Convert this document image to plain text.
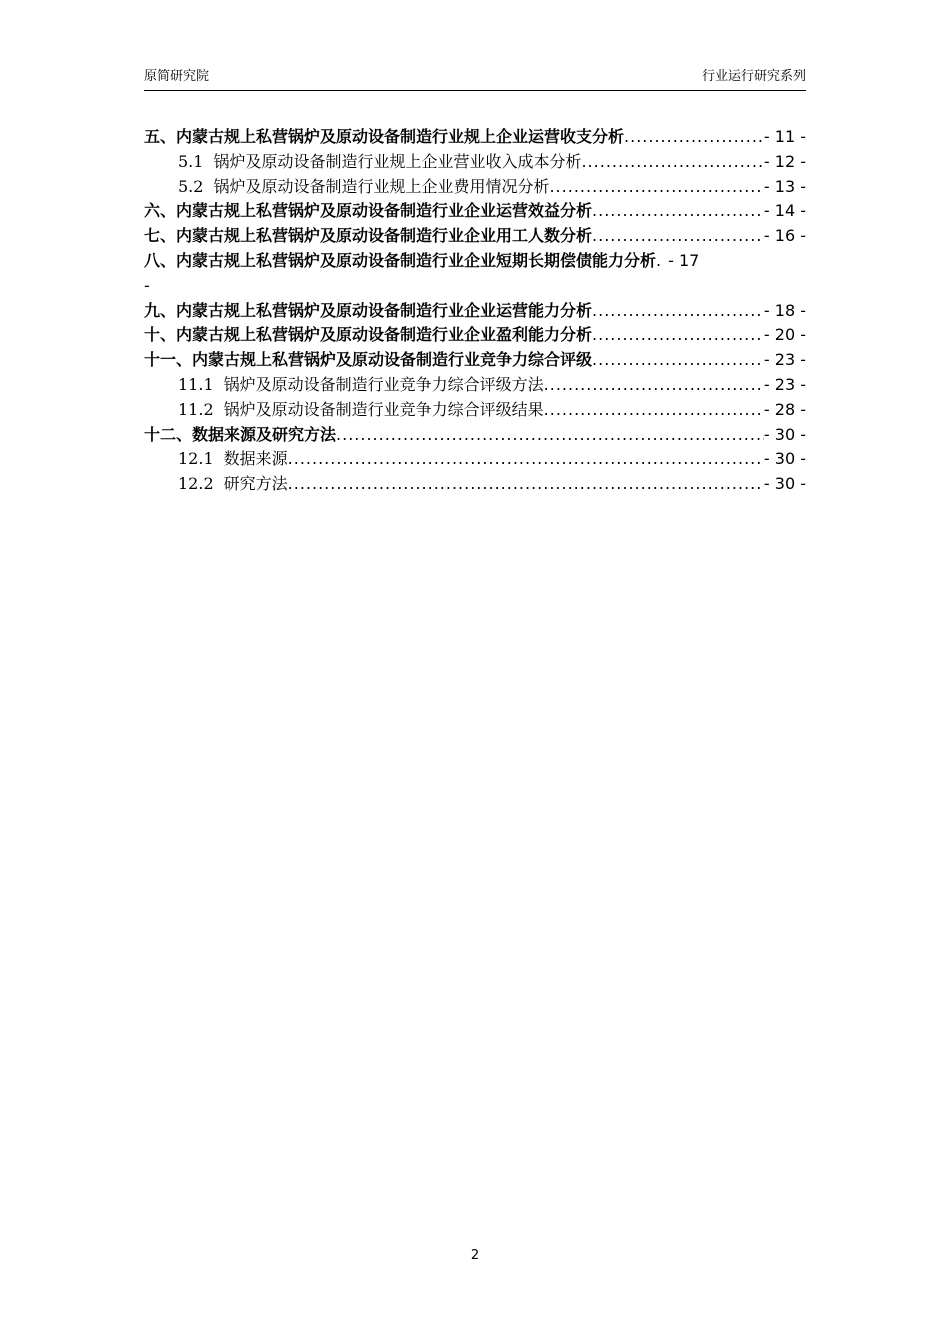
原简研究院	行业运行研究系列
五、内蒙古规上私营锅炉及原动设备制造行业规上企业运营收支分析 .....	- 11 -
5.1 锅炉及原动设备制造行业规上企业营业收入成本分析 .....	- 12 -
5.2 锅炉及原动设备制造行业规上企业费用情况分析 .....	- 13 -
六、内蒙古规上私营锅炉及原动设备制造行业企业运营效益分析 .....	- 14 -
七、内蒙古规上私营锅炉及原动设备制造行业企业用工人数分析 .....	- 16 -
八、内蒙古规上私营锅炉及原动设备制造行业企业短期长期偿债能力分析 . - 17
-
九、内蒙古规上私营锅炉及原动设备制造行业企业运营能力分析 .....	- 18 -
十、内蒙古规上私营锅炉及原动设备制造行业企业盈利能力分析 .....	- 20 -
十一、内蒙古规上私营锅炉及原动设备制造行业竞争力综合评级 .....	- 23 -
11.1 锅炉及原动设备制造行业竞争力综合评级方法 .....	- 23 -
11.2 锅炉及原动设备制造行业竞争力综合评级结果 .....	- 28 -
十二、数据来源及研究方法 .....	- 30 -
12.1 数据来源 .....	- 30 -
12.2 研究方法 .....	- 30 -
2
